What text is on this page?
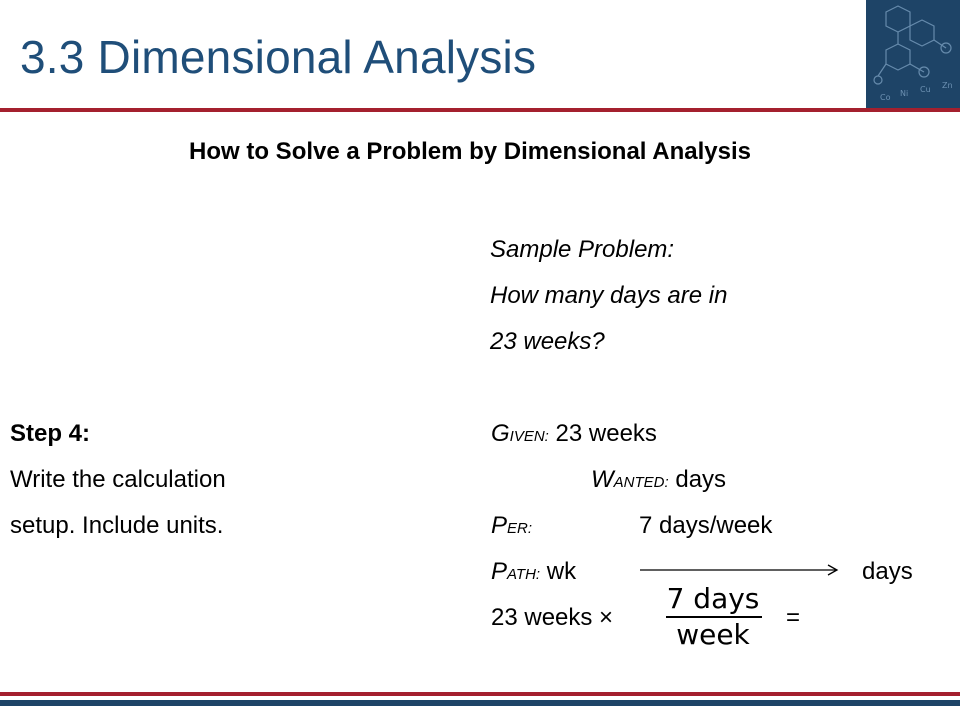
3.3 Dimensional Analysis
Co Ni Cu Zn
How to Solve a Problem by Dimensional Analysis
Sample Problem:
How many days are in
23 weeks?
Step 4:
Write the calculation
setup. Include units.
GIVEN: 23 weeks
WANTED: days
PER:	7 days/week
PATH: wk	days
23 weeks ×
7 days
week
=
